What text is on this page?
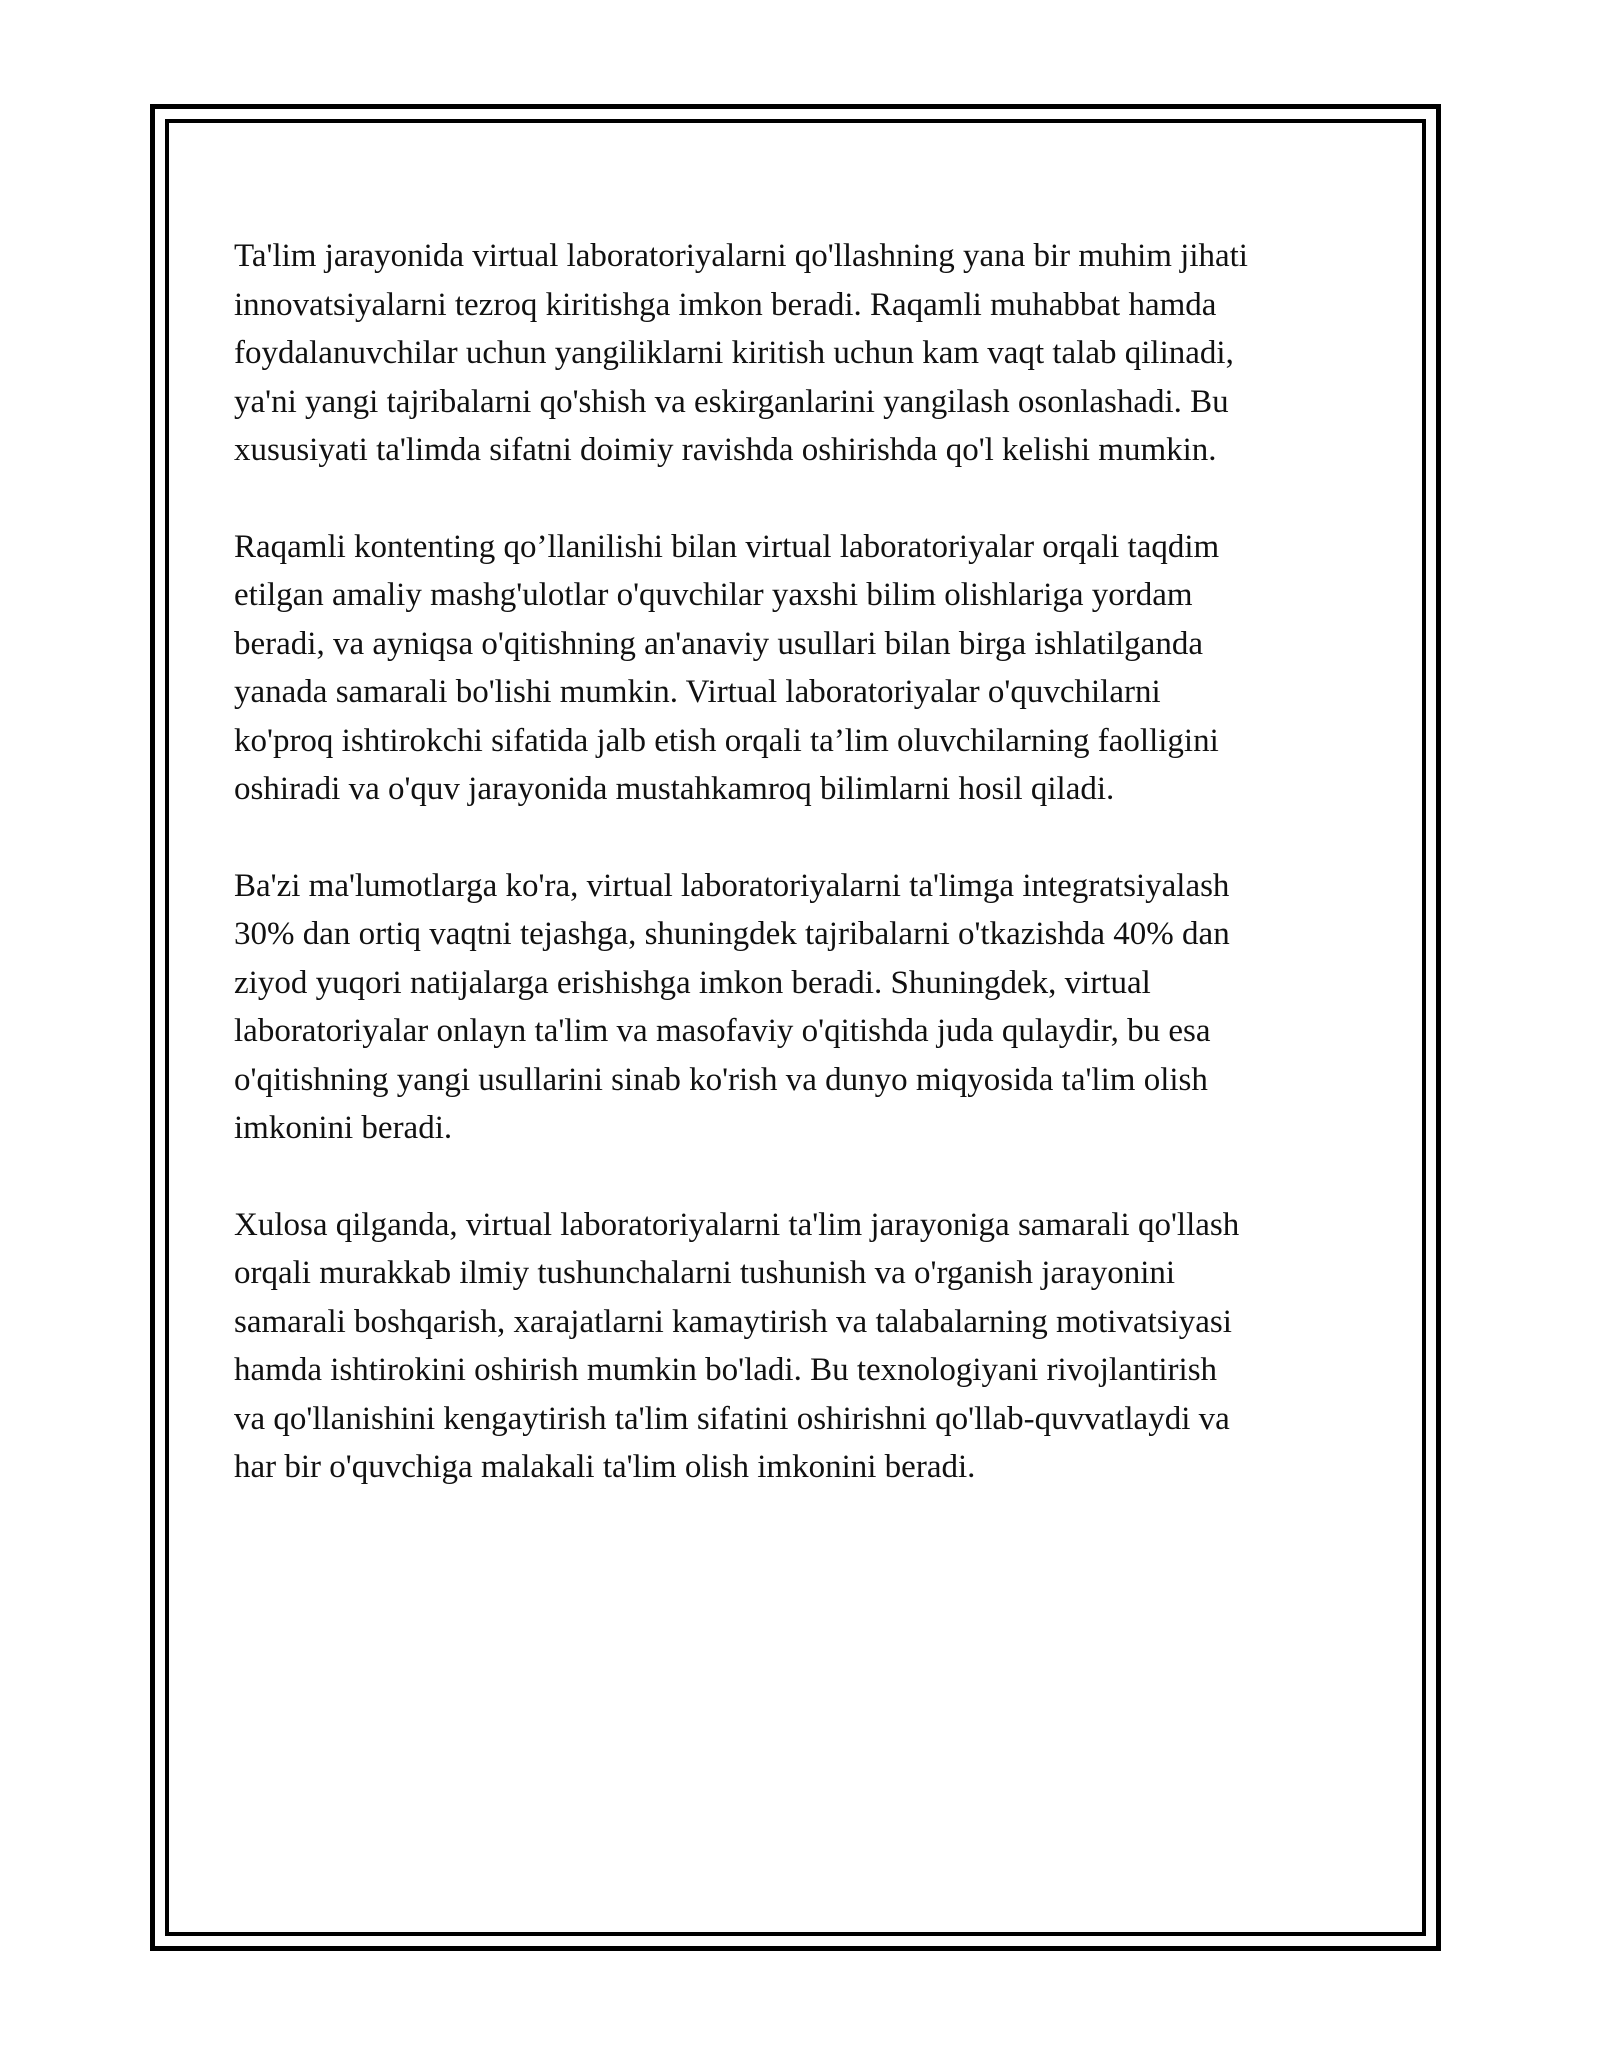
Ta'lim jarayonida virtual laboratoriyalarni qo'llashning yana bir muhim jihati
innovatsiyalarni tezroq kiritishga imkon beradi. Raqamli muhabbat hamda
foydalanuvchilar uchun yangiliklarni kiritish uchun kam vaqt talab qilinadi,
ya'ni yangi tajribalarni qo'shish va eskirganlarini yangilash osonlashadi. Bu
xususiyati ta'limda sifatni doimiy ravishda oshirishda qo'l kelishi mumkin.

Raqamli kontenting qo’llanilishi bilan virtual laboratoriyalar orqali taqdim
etilgan amaliy mashg'ulotlar o'quvchilar yaxshi bilim olishlariga yordam
beradi, va ayniqsa o'qitishning an'anaviy usullari bilan birga ishlatilganda
yanada samarali bo'lishi mumkin. Virtual laboratoriyalar o'quvchilarni
ko'proq ishtirokchi sifatida jalb etish orqali ta’lim oluvchilarning faolligini
oshiradi va o'quv jarayonida mustahkamroq bilimlarni hosil qiladi.

Ba'zi ma'lumotlarga ko'ra, virtual laboratoriyalarni ta'limga integratsiyalash
30% dan ortiq vaqtni tejashga, shuningdek tajribalarni o'tkazishda 40% dan
ziyod yuqori natijalarga erishishga imkon beradi. Shuningdek, virtual
laboratoriyalar onlayn ta'lim va masofaviy o'qitishda juda qulaydir, bu esa
o'qitishning yangi usullarini sinab ko'rish va dunyo miqyosida ta'lim olish
imkonini beradi.

Xulosa qilganda, virtual laboratoriyalarni ta'lim jarayoniga samarali qo'llash
orqali murakkab ilmiy tushunchalarni tushunish va o'rganish jarayonini
samarali boshqarish, xarajatlarni kamaytirish va talabalarning motivatsiyasi
hamda ishtirokini oshirish mumkin bo'ladi. Bu texnologiyani rivojlantirish
va qo'llanishini kengaytirish ta'lim sifatini oshirishni qo'llab-quvvatlaydi va
har bir o'quvchiga malakali ta'lim olish imkonini beradi.
